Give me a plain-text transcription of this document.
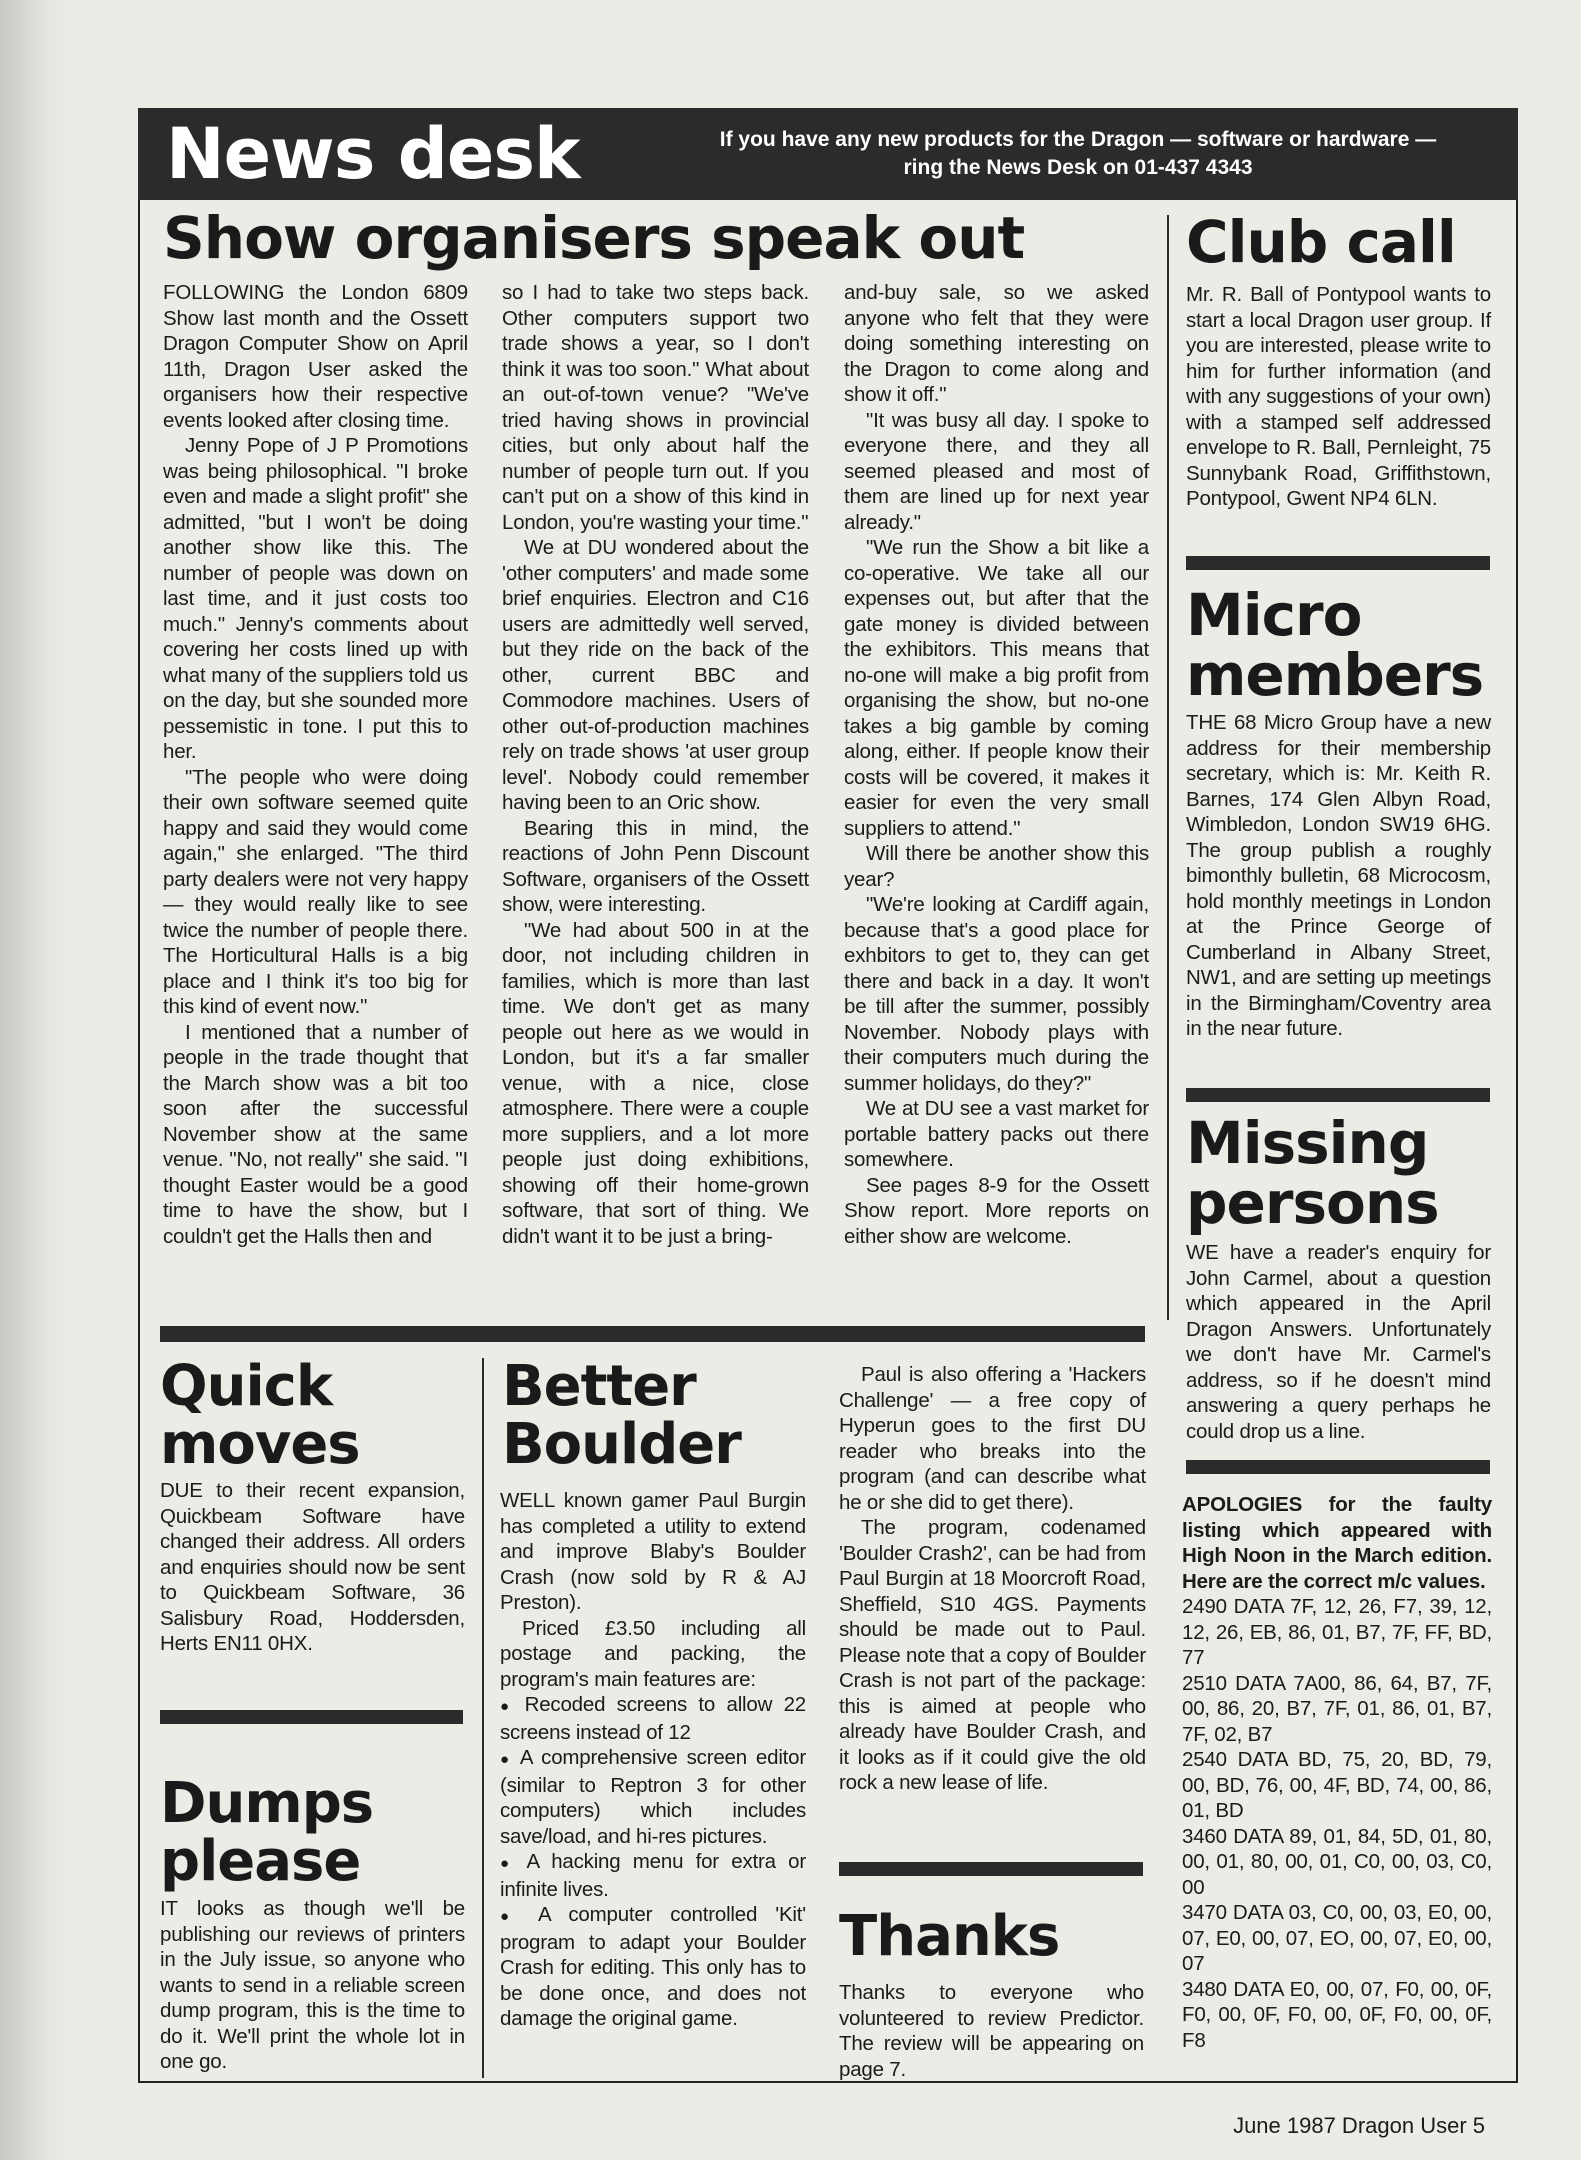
News desk	If you have any new products for the Dragon — software or hardware —
ring the News Desk on 01-437 4343
Show organisers speak out

FOLLOWING the London 6809 Show last month and the Ossett Dragon Computer Show on April 11th, Dragon User asked the organisers how their respective events looked after closing time.

Jenny Pope of J P Promotions was being philosophical. "I broke even and made a slight profit" she admitted, "but I won't be doing another show like this. The number of people was down on last time, and it just costs too much." Jenny's comments about covering her costs lined up with what many of the suppliers told us on the day, but she sounded more pessemistic in tone. I put this to her.

"The people who were doing their own software seemed quite happy and said they would come again," she enlarged. "The third party dealers were not very happy — they would really like to see twice the number of people there. The Horticultural Halls is a big place and I think it's too big for this kind of event now."

I mentioned that a number of people in the trade thought that the March show was a bit too soon after the successful November show at the same venue. "No, not really" she said. "I thought Easter would be a good time to have the show, but I couldn't get the Halls then and

so I had to take two steps back. Other computers support two trade shows a year, so I don't think it was too soon." What about an out-of-town venue? "We've tried having shows in provincial cities, but only about half the number of people turn out. If you can't put on a show of this kind in London, you're wasting your time."

We at DU wondered about the 'other computers' and made some brief enquiries. Electron and C16 users are admittedly well served, but they ride on the back of the other, current BBC and Commodore machines. Users of other out-of-production machines rely on trade shows 'at user group level'. Nobody could remember having been to an Oric show.

Bearing this in mind, the reactions of John Penn Discount Software, organisers of the Ossett show, were interesting.

"We had about 500 in at the door, not including children in families, which is more than last time. We don't get as many people out here as we would in London, but it's a far smaller venue, with a nice, close atmosphere. There were a couple more suppliers, and a lot more people just doing exhibitions, showing off their home-grown software, that sort of thing. We didn't want it to be just a bring-

and-buy sale, so we asked anyone who felt that they were doing something interesting on the Dragon to come along and show it off."

"It was busy all day. I spoke to everyone there, and they all seemed pleased and most of them are lined up for next year already."

"We run the Show a bit like a co-operative. We take all our expenses out, but after that the gate money is divided between the exhibitors. This means that no-one will make a big profit from organising the show, but no-one takes a big gamble by coming along, either. If people know their costs will be covered, it makes it easier for even the very small suppliers to attend."

Will there be another show this year?

"We're looking at Cardiff again, because that's a good place for exhbitors to get to, they can get there and back in a day. It won't be till after the summer, possibly November. Nobody plays with their computers much during the summer holidays, do they?"

We at DU see a vast market for portable battery packs out there somewhere.

See pages 8-9 for the Ossett Show report. More reports on either show are welcome.

Club call
Mr. R. Ball of Pontypool wants to start a local Dragon user group. If you are interested, please write to him for further information (and with any suggestions of your own) with a stamped self addressed envelope to R. Ball, Pernleight, 75 Sunnybank Road, Griffithstown, Pontypool, Gwent NP4 6LN.
Micro
members
THE 68 Micro Group have a new address for their membership secretary, which is: Mr. Keith R. Barnes, 174 Glen Albyn Road, Wimbledon, London SW19 6HG. The group publish a roughly bimonthly bulletin, 68 Microcosm, hold monthly meetings in London at the Prince George of Cumberland in Albany Street, NW1, and are setting up meetings in the Birmingham/Coventry area in the near future.
Missing
persons
WE have a reader's enquiry for John Carmel, about a question which appeared in the April Dragon Answers. Unfortunately we don't have Mr. Carmel's address, so if he doesn't mind answering a query perhaps he could drop us a line.

APOLOGIES for the faulty listing which appeared with High Noon in the March edition. Here are the correct m/c values.

2490 DATA 7F, 12, 26, F7, 39, 12, 12, 26, EB, 86, 01, B7, 7F, FF, BD, 77
2510 DATA 7A00, 86, 64, B7, 7F, 00, 86, 20, B7, 7F, 01, 86, 01, B7, 7F, 02, B7
2540 DATA BD, 75, 20, BD, 79, 00, BD, 76, 00, 4F, BD, 74, 00, 86, 01, BD
3460 DATA 89, 01, 84, 5D, 01, 80, 00, 01, 80, 00, 01, C0, 00, 03, C0, 00
3470 DATA 03, C0, 00, 03, E0, 00, 07, E0, 00, 07, EO, 00, 07, E0, 00, 07
3480 DATA E0, 00, 07, F0, 00, 0F, F0, 00, 0F, F0, 00, 0F, F0, 00, 0F, F8
Quick
moves
DUE to their recent expansion, Quickbeam Software have changed their address. All orders and enquiries should now be sent to Quickbeam Software, 36 Salisbury Road, Hoddersden, Herts EN11 0HX.
Dumps
please
IT looks as though we'll be publishing our reviews of printers in the July issue, so anyone who wants to send in a reliable screen dump program, this is the time to do it. We'll print the whole lot in one go.
Better
Boulder

WELL known gamer Paul Burgin has completed a utility to extend and improve Blaby's Boulder Crash (now sold by R & AJ Preston).

Priced £3.50 including all postage and packing, the program's main features are:

● Recoded screens to allow 22 screens instead of 12
● A comprehensive screen editor (similar to Reptron 3 for other computers) which includes save/load, and hi-res pictures.
● A hacking menu for extra or infinite lives.
● A computer controlled 'Kit' program to adapt your Boulder Crash for editing. This only has to be done once, and does not damage the original game.

Paul is also offering a 'Hackers Challenge' — a free copy of Hyperun goes to the first DU reader who breaks into the program (and can describe what he or she did to get there).

The program, codenamed 'Boulder Crash2', can be had from Paul Burgin at 18 Moorcroft Road, Sheffield, S10 4GS. Payments should be made out to Paul. Please note that a copy of Boulder Crash is not part of the package: this is aimed at people who already have Boulder Crash, and it looks as if it could give the old rock a new lease of life.

Thanks
Thanks to everyone who volunteered to review Predictor. The review will be appearing on page 7.
June 1987 Dragon User 5
